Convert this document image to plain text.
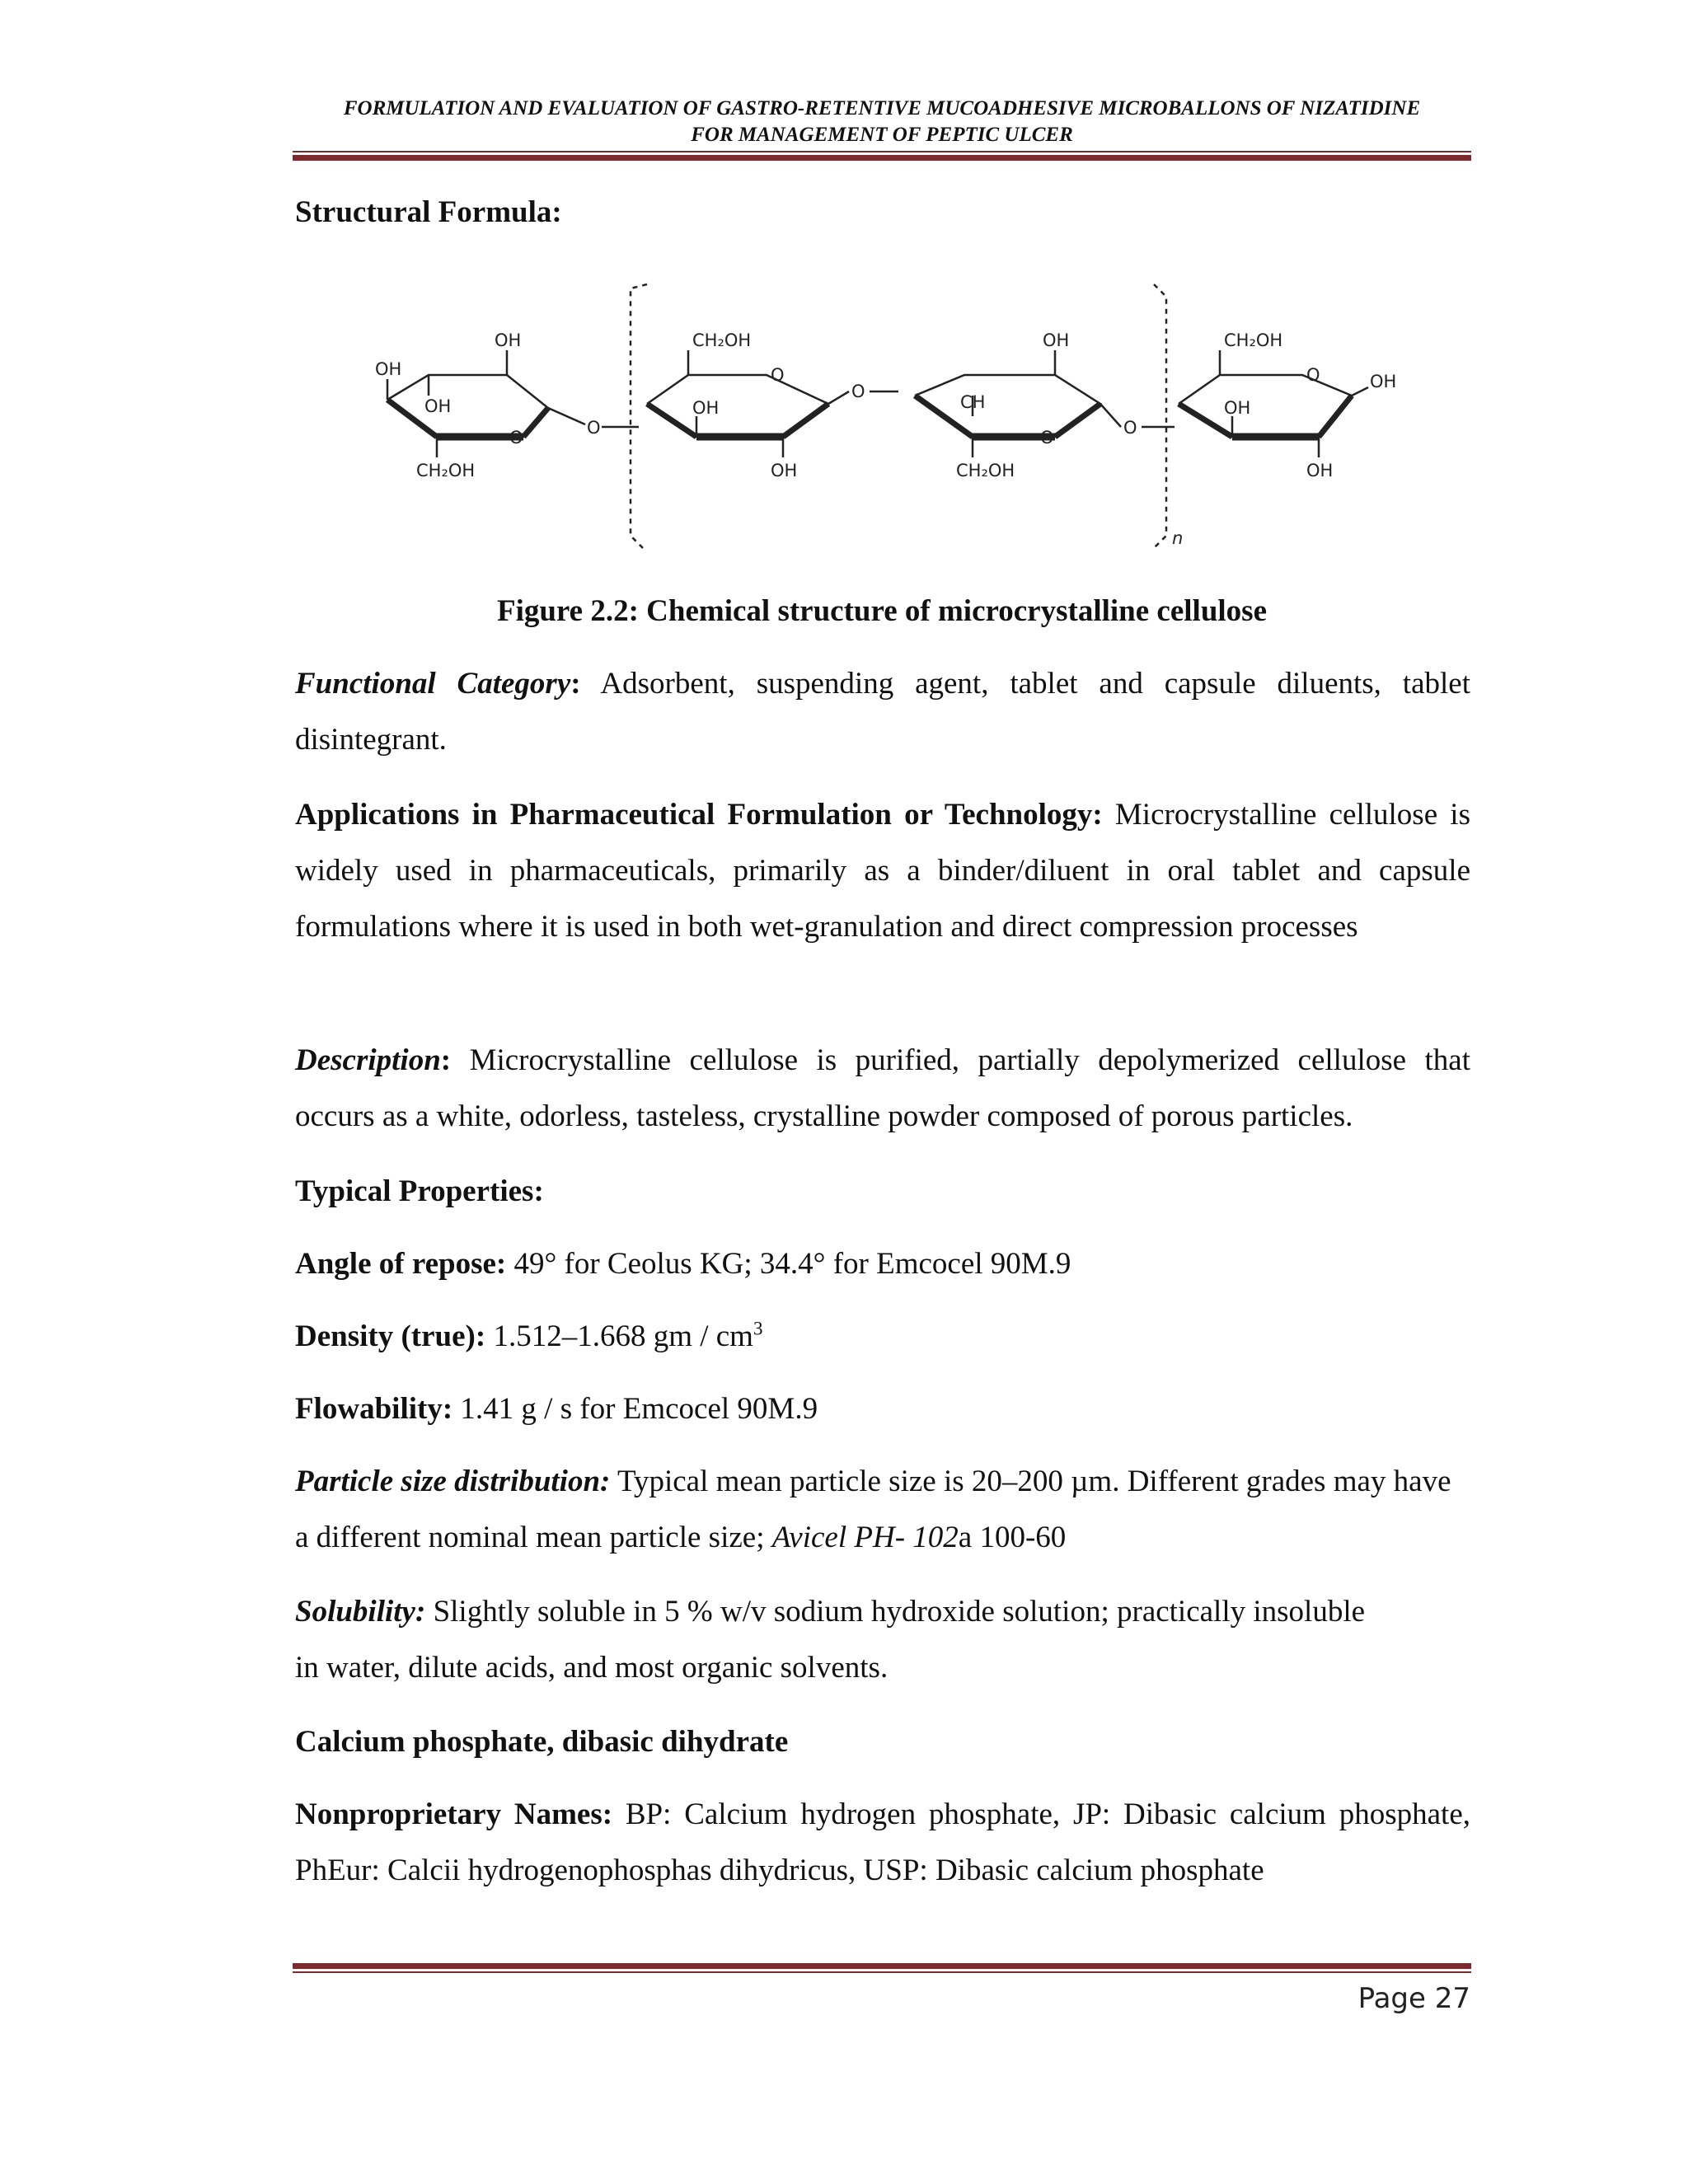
FORMULATION AND EVALUATION OF GASTRO-RETENTIVE MUCOADHESIVE MICROBALLONS OF NIZATIDINE
FOR MANAGEMENT OF PEPTIC ULCER
Structural Formula:
OH
OH
OH
CH₂OH
O	O
CH₂OH
O
OH
OH
O
OH
CH
O
CH₂OH
O
CH₂OH
O	OH
OH
OH
n
Figure 2.2: Chemical structure of microcrystalline cellulose
Functional Category: Adsorbent, suspending agent, tablet and capsule diluents, tablet disintegrant.
Applications in Pharmaceutical Formulation or Technology: Microcrystalline cellulose is widely used in pharmaceuticals, primarily as a binder/diluent in oral tablet and capsule formulations where it is used in both wet-granulation and direct compression processes
Description: Microcrystalline cellulose is purified, partially depolymerized cellulose that occurs as a white, odorless, tasteless, crystalline powder composed of porous particles.
Typical Properties:
Angle of repose: 49° for Ceolus KG; 34.4° for Emcocel 90M.9
Density (true): 1.512–1.668 gm / $cm^3$
Flowability: 1.41 g / s for Emcocel 90M.9
Particle size distribution: Typical mean particle size is 20–200 µm. Different grades may have a different nominal mean particle size; Avicel PH- 102a 100-60
Solubility: Slightly soluble in 5 % w/v sodium hydroxide solution; practically insoluble
in water, dilute acids, and most organic solvents.
Calcium phosphate, dibasic dihydrate
Nonproprietary Names: BP: Calcium hydrogen phosphate, JP: Dibasic calcium phosphate, PhEur: Calcii hydrogenophosphas dihydricus, USP: Dibasic calcium phosphate
Page 27
